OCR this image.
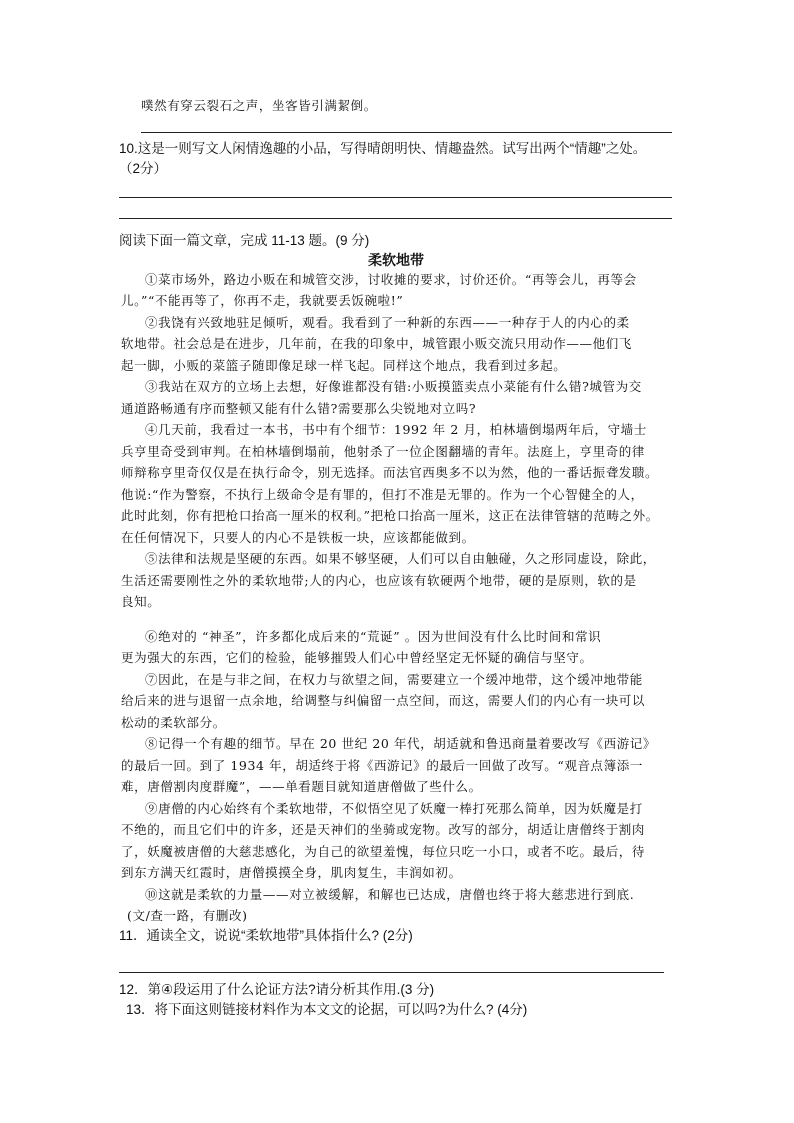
噗然有穿云裂石之声，坐客皆引满絜倒。
10.这是一则写文人闲情逸趣的小品，写得晴朗明快、情趣盎然。试写出两个“情趣”之处。
（2分）
阅读下面一篇文章，完成 11-13 题。(9 分)
柔软地带
①菜市场外，路边小贩在和城管交涉，讨收摊的要求，讨价还价。“再等会儿，再等会
儿。”“不能再等了，你再不走，我就要丢饭碗啦!”
②我饶有兴致地驻足倾听，观看。我看到了一种新的东西——一种存于人的内心的柔
软地带。社会总是在进步，几年前，在我的印象中，城管跟小贩交流只用动作——他们飞
起一脚，小贩的菜篮子随即像足球一样飞起。同样这个地点，我看到过多起。
③我站在双方的立场上去想，好像谁都没有错:小贩摸篮卖点小菜能有什么错?城管为交
通道路畅通有序而整顿又能有什么错?需要那么尖锐地对立吗?
④几天前，我看过一本书，书中有个细节：1992 年 2 月，柏林墙倒塌两年后，守墙士
兵亨里奇受到审判。在柏林墙倒塌前，他射杀了一位企图翻墙的青年。法庭上，亨里奇的律
师辩称亨里奇仅仅是在执行命令，别无选择。而法官西奥多不以为然，他的一番话振聋发聩。
他说:“作为警察，不执行上级命令是有罪的，但打不准是无罪的。作为一个心智健全的人，
此时此刻，你有把枪口抬高一厘米的权利。”把枪口抬高一厘米，这正在法律管辖的范畴之外。
在任何情况下，只要人的内心不是铁板一块，应该都能做到。
⑤法律和法规是坚硬的东西。如果不够坚硬，人们可以自由触碰，久之形同虚设，除此，
生活还需要刚性之外的柔软地带;人的内心，也应该有软硬两个地带，硬的是原则，软的是
良知。
⑥绝对的 “神圣”，许多都化成后来的“荒诞” 。因为世间没有什么比时间和常识
更为强大的东西，它们的检验，能够摧毁人们心中曾经坚定无怀疑的确信与坚守。
⑦因此，在是与非之间，在权力与欲望之间，需要建立一个缓冲地带，这个缓冲地带能
给后来的进与退留一点余地，给调整与纠偏留一点空间，而这，需要人们的内心有一块可以
松动的柔软部分。
⑧记得一个有趣的细节。早在 20 世纪 20 年代，胡适就和鲁迅商量着要改写《西游记》
的最后一回。到了 1934 年，胡适终于将《西游记》的最后一回做了改写。“观音点簿添一
难，唐僧割肉度群魔”，——单看题目就知道唐僧做了些什么。
⑨唐僧的内心始终有个柔软地带，不似悟空见了妖魔一棒打死那么简单，因为妖魔是打
不绝的，而且它们中的许多，还是天神们的坐骑或宠物。改写的部分，胡适让唐僧终于割肉
了，妖魔被唐僧的大慈悲感化，为自己的欲望羞愧，每位只吃一小口，或者不吃。最后，待
到东方满天红霞时，唐僧摸摸全身，肌肉复生，丰润如初。
⑩这就是柔软的力量——对立被缓解，和解也已达成，唐僧也终于将大慈悲进行到底.
(文/查一路，有删改)
11．通读全文，说说“柔软地带”具体指什么? (2分)
12．第④段运用了什么论证方法?请分析其作用.(3 分)
13．将下面这则链接材料作为本文文的论据，可以吗?为什么? (4分)
